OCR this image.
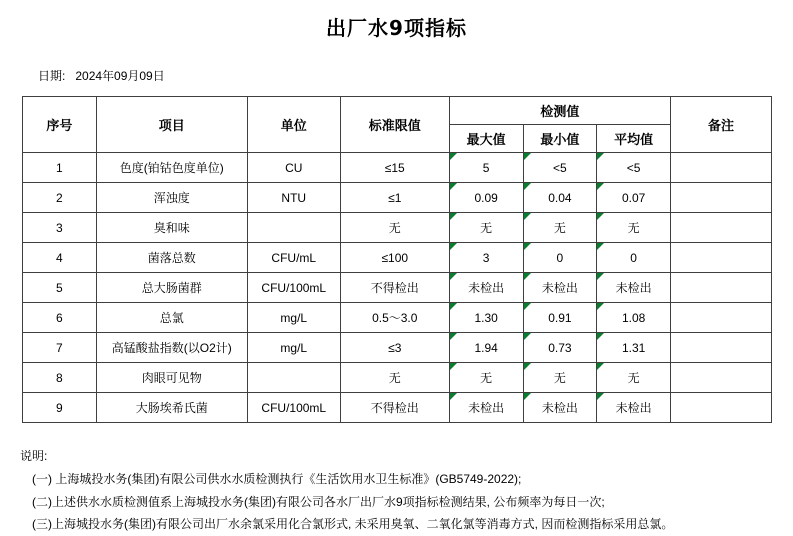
出厂水9项指标
日期: 2024年09月09日
序号	项目	单位	标准限值	检测值			备注
				最大值	最小值	平均值	
1	色度(铂钴色度单位)	CU	≤15	5	<5	<5	
2	浑浊度	NTU	≤1	0.09	0.04	0.07	
3	臭和味		无	无	无	无	
4	菌落总数	CFU/mL	≤100	3	0	0	
5	总大肠菌群	CFU/100mL	不得检出	未检出	未检出	未检出	
6	总氯	mg/L	0.5～3.0	1.30	0.91	1.08	
7	高锰酸盐指数(以O2计)	mg/L	≤3	1.94	0.73	1.31	
8	肉眼可见物		无	无	无	无	
9	大肠埃希氏菌	CFU/100mL	不得检出	未检出	未检出	未检出	
说明:
(一) 上海城投水务(集团)有限公司供水水质检测执行《生活饮用水卫生标准》(GB5749-2022);
(二)上述供水水质检测值系上海城投水务(集团)有限公司各水厂出厂水9项指标检测结果, 公布频率为每日一次;
(三)上海城投水务(集团)有限公司出厂水余氯采用化合氯形式, 未采用臭氧、二氧化氯等消毒方式, 因而检测指标采用总氯。
